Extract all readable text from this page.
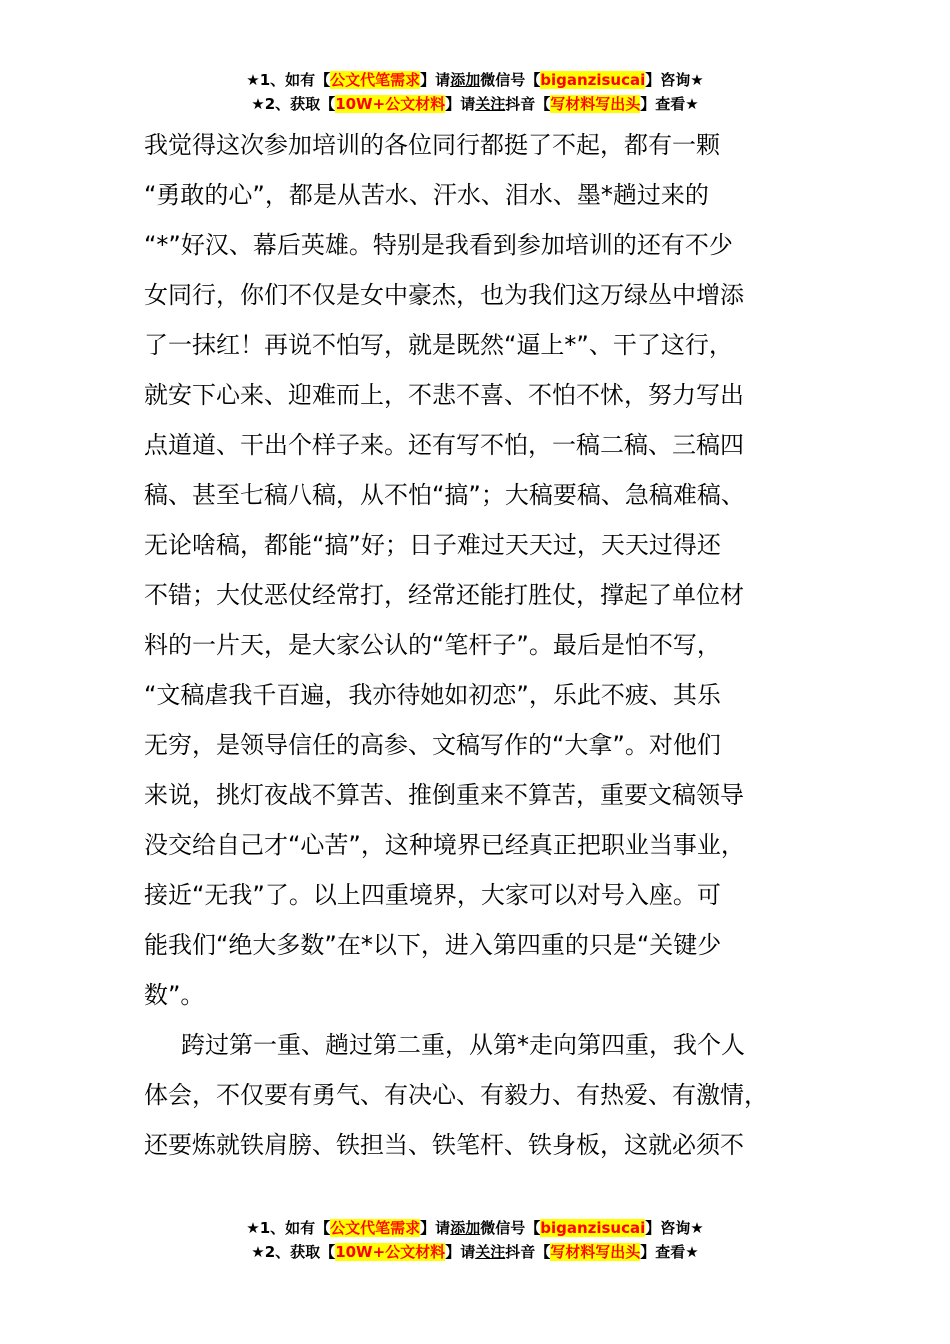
★1、如有【公文代笔需求】请添加微信号【biganzisucai】咨询★
★2、获取【10W+公文材料】请关注抖音【写材料写出头】查看★

我觉得这次参加培训的各位同行都挺了不起，都有一颗
“勇敢的心”，都是从苦水、汗水、泪水、墨*趟过来的
“*”好汉、幕后英雄。特别是我看到参加培训的还有不少
女同行，你们不仅是女中豪杰，也为我们这万绿丛中增添
了一抹红！再说不怕写，就是既然“逼上*”、干了这行，
就安下心来、迎难而上，不悲不喜、不怕不怵，努力写出
点道道、干出个样子来。还有写不怕，一稿二稿、三稿四
稿、甚至七稿八稿，从不怕“搞”；大稿要稿、急稿难稿、
无论啥稿，都能“搞”好；日子难过天天过，天天过得还
不错；大仗恶仗经常打，经常还能打胜仗，撑起了单位材
料的一片天，是大家公认的“笔杆子”。最后是怕不写，
“文稿虐我千百遍，我亦待她如初恋”，乐此不疲、其乐
无穷，是领导信任的高参、文稿写作的“大拿”。对他们
来说，挑灯夜战不算苦、推倒重来不算苦，重要文稿领导
没交给自己才“心苦”，这种境界已经真正把职业当事业，
接近“无我”了。以上四重境界，大家可以对号入座。可
能我们“绝大多数”在*以下，进入第四重的只是“关键少
数”。

跨过第一重、趟过第二重，从第*走向第四重，我个人
体会，不仅要有勇气、有决心、有毅力、有热爱、有激情，
还要炼就铁肩膀、铁担当、铁笔杆、铁身板，这就必须不

★1、如有【公文代笔需求】请添加微信号【biganzisucai】咨询★
★2、获取【10W+公文材料】请关注抖音【写材料写出头】查看★
